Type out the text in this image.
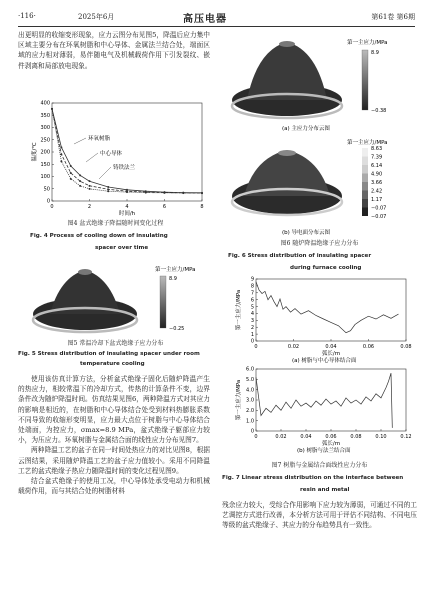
·116·	2025年6月	高压电器	第61卷 第6期

出更明显的收缩变形现象，应力云图分布见图5，降温后应力集中区域主要分布在环氧树脂和中心导体、金属法兰结合处，端面区域的应力相对薄弱，易伴随电气及机械载荷作用下引发裂纹、嵌件剥离和局部放电现象。

0	2	4	6	8
0
50
100
150
200
250
300
350
400
时间/h
温度/℃
环氧树脂
中心导体
铸铁法兰
图4 盆式绝缘子降温随时间变化过程
Fig. 4 Process of cooling down of insulating
spacer over time
第一主应力/MPa
8.9
−0.25
图5 常温冷却下盆式绝缘子应力分布
Fig. 5 Stress distribution of insulating spacer under room
temperature cooling

使用该仿真计算方法，分析盆式绝缘子固化后随炉降温产生的热应力，相较常温下的冷却方式，传热的计算条件不变，边界条件改为随炉降温时间。仿真结果见图6，两种降温方式对其应力的影响是相近的，在树脂和中心导体结合处受到材料热膨胀系数不同导致的收缩形变明显，应力最大点位于树脂与中心导体结合处端面，为控应力，σmax=8.9 MPa，盆式绝缘子躯部应力较小，为压应力。环氧树脂与金属结合面的线性应力分布见图7。

两种降温工艺的盆子在同一时间处热应力的对比见图8，根据云图结果，采用随炉降温工艺的盆子应力值较小。采用不同降温工艺的盆式绝缘子热应力随降温时间的变化过程见图9。

结合盆式绝缘子的使用工况，中心导体处承受电动力和机械载荷作用，而与其结合处的树脂材料

第一主应力/MPa
8.9
−0.38
(a) 主应力分布云图
第一主应力/MPa
8.63
7.39
6.14
4.90
3.66
2.42
1.17
−0.07
−0.07
(b) 导电面分布云图
图6 随炉降温绝缘子应力分布
Fig. 6 Stress distribution of insulating spacer
during furnace cooling
0	0.02	0.04	0.06	0.08
0
1
2
3
4
5
6
7
8
9
弧长/m
第一主应力/MPa
(a) 树脂与中心导体结合面
0	0.02	0.04	0.06	0.08	0.10	0.12
0
1.0
2.0
3.0
4.0
5.0
6.0
弧长/m
第一主应力/MPa
(b) 树脂与法兰结合面
图7 树脂与金属结合面线性应力分布
Fig. 7 Linear stress distribution on the interface between
resin and metal

残余应力较大，受综合作用影响下应力较为薄弱，可通过不同的工艺调控方式进行改善，本分析方法可用于评估不同结构、不同电压等级的盆式绝缘子、其应力的分布趋势具有一致性。
